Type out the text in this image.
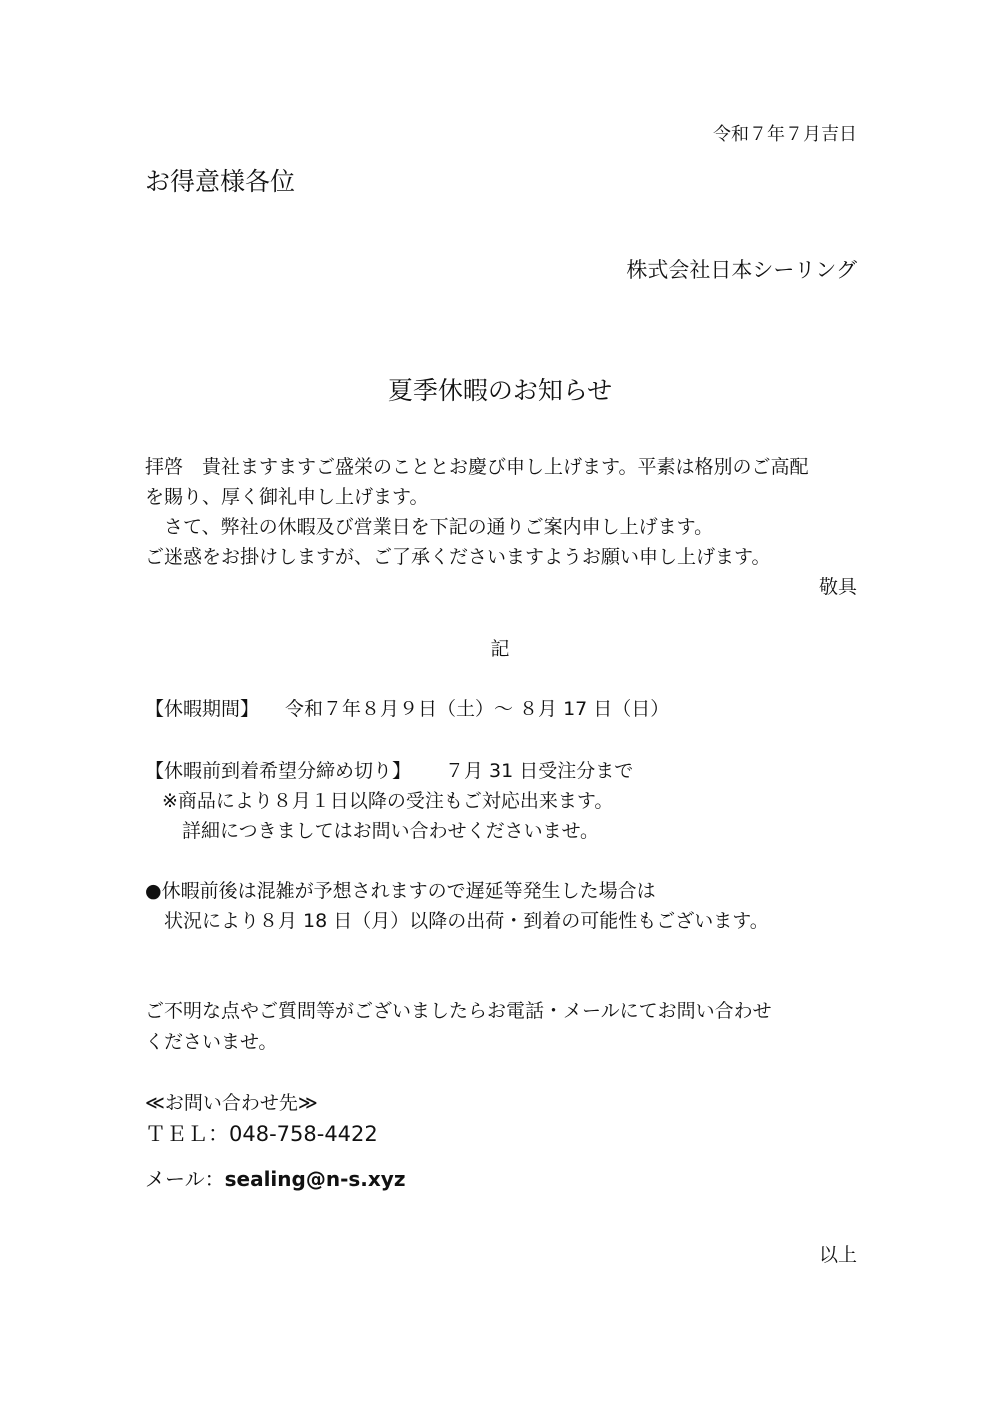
令和７年７月吉日
お得意様各位
株式会社日本シーリング
夏季休暇のお知らせ
拝啓　貴社ますますご盛栄のこととお慶び申し上げます。平素は格別のご高配
を賜り、厚く御礼申し上げます。
　さて、弊社の休暇及び営業日を下記の通りご案内申し上げます。
ご迷惑をお掛けしますが、ご了承くださいますようお願い申し上げます。
敬具
記
【休暇期間】 令和７年８月９日（土）～ ８月 17 日（日）
【休暇前到着希望分締め切り】 ７月 31 日受注分まで
※商品により８月１日以降の受注もご対応出来ます。
詳細につきましてはお問い合わせくださいませ。
●休暇前後は混雑が予想されますので遅延等発生した場合は
状況により８月 18 日（月）以降の出荷・到着の可能性もございます。
ご不明な点やご質問等がございましたらお電話・メールにてお問い合わせ
くださいませ。
≪お問い合わせ先≫
ＴＥＬ：048-758-4422
メール：sealing@n-s.xyz
以上
